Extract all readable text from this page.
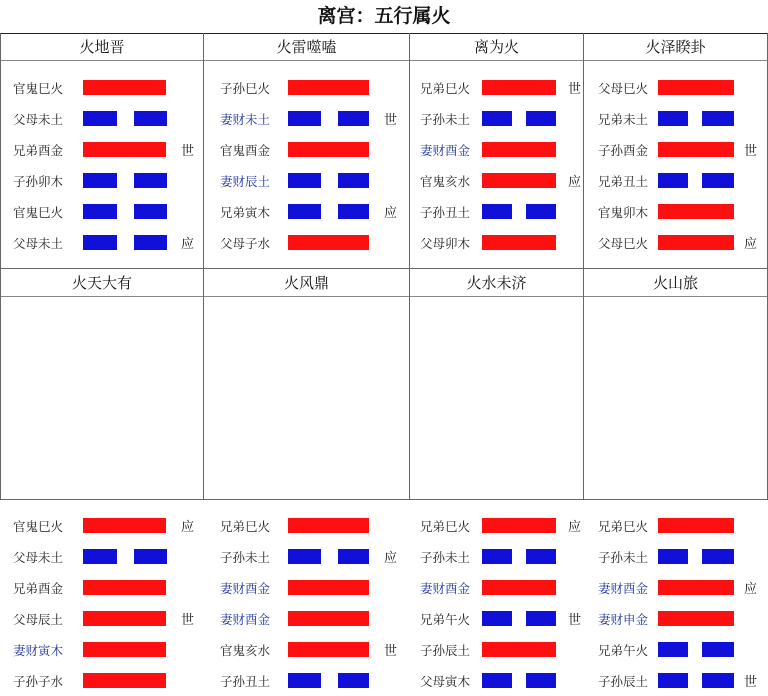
离宫：五行属火
火地晋
官鬼巳火
父母未土
兄弟酉金	世
子孙卯木
官鬼巳火
父母未土	应
火雷噬嗑
子孙巳火
妻财未土	世
官鬼酉金
妻财辰土
兄弟寅木	应
父母子水
离为火
兄弟巳火	世
子孙未土
妻财酉金
官鬼亥水	应
子孙丑土
父母卯木
火泽睽卦
父母巳火
兄弟未土
子孙酉金	世
兄弟丑土
官鬼卯木
父母巳火	应
火天大有
官鬼巳火	应
父母未土
兄弟酉金
父母辰土	世
妻财寅木
子孙子水
火风鼎
兄弟巳火
子孙未土	应
妻财酉金
妻财酉金
官鬼亥水	世
子孙丑土
火水未济
兄弟巳火	应
子孙未土
妻财酉金
兄弟午火	世
子孙辰土
父母寅木
火山旅
兄弟巳火
子孙未土
妻财酉金	应
妻财申金
兄弟午火
子孙辰土	世
